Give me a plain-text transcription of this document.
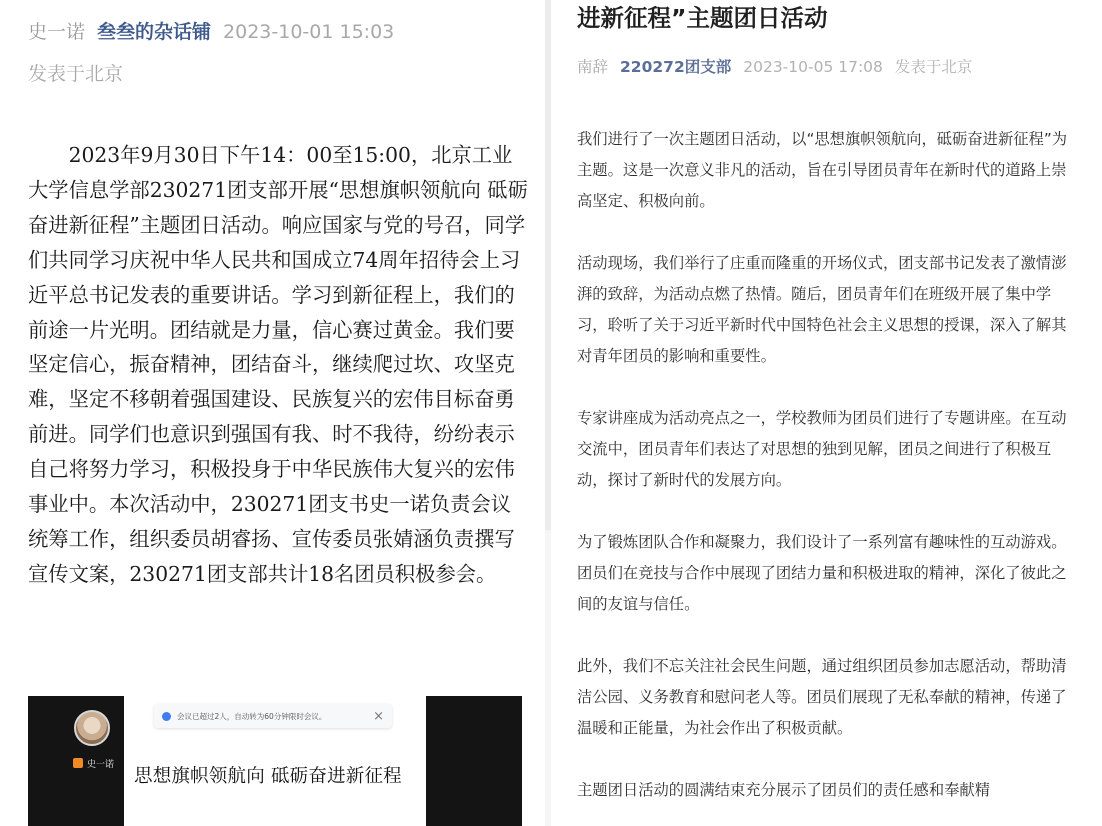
史一诺 叁叁的杂话铺 2023-10-01 15:03
发表于北京

2023年9月30日下午14：00至15:00，北京工业大学信息学部230271团支部开展“思想旗帜领航向 砥砺奋进新征程”主题团日活动。响应国家与党的号召，同学们共同学习庆祝中华人民共和国成立74周年招待会上习近平总书记发表的重要讲话。学习到新征程上，我们的前途一片光明。团结就是力量，信心赛过黄金。我们要坚定信心，振奋精神，团结奋斗，继续爬过坎、攻坚克难，坚定不移朝着强国建设、民族复兴的宏伟目标奋勇前进。同学们也意识到强国有我、时不我待，纷纷表示自己将努力学习，积极投身于中华民族伟大复兴的宏伟事业中。本次活动中，230271团支书史一诺负责会议统筹工作，组织委员胡睿扬、宣传委员张婧涵负责撰写宣传文案，230271团支部共计18名团员积极参会。

史一诺
会议已超过2人，自动转为60分钟限时会议。	×
思想旗帜领航向 砥砺奋进新征程
进新征程”主题团日活动
南辞 220272团支部 2023-10-05 17:08 发表于北京

我们进行了一次主题团日活动，以“思想旗帜领航向，砥砺奋进新征程”为主题。这是一次意义非凡的活动，旨在引导团员青年在新时代的道路上崇高坚定、积极向前。

活动现场，我们举行了庄重而隆重的开场仪式，团支部书记发表了激情澎湃的致辞，为活动点燃了热情。随后，团员青年们在班级开展了集中学习，聆听了关于习近平新时代中国特色社会主义思想的授课，深入了解其对青年团员的影响和重要性。

专家讲座成为活动亮点之一，学校教师为团员们进行了专题讲座。在互动交流中，团员青年们表达了对思想的独到见解，团员之间进行了积极互动，探讨了新时代的发展方向。

为了锻炼团队合作和凝聚力，我们设计了一系列富有趣味性的互动游戏。团员们在竞技与合作中展现了团结力量和积极进取的精神，深化了彼此之间的友谊与信任。

此外，我们不忘关注社会民生问题，通过组织团员参加志愿活动，帮助清洁公园、义务教育和慰问老人等。团员们展现了无私奉献的精神，传递了温暖和正能量，为社会作出了积极贡献。

主题团日活动的圆满结束充分展示了团员们的责任感和奉献精
